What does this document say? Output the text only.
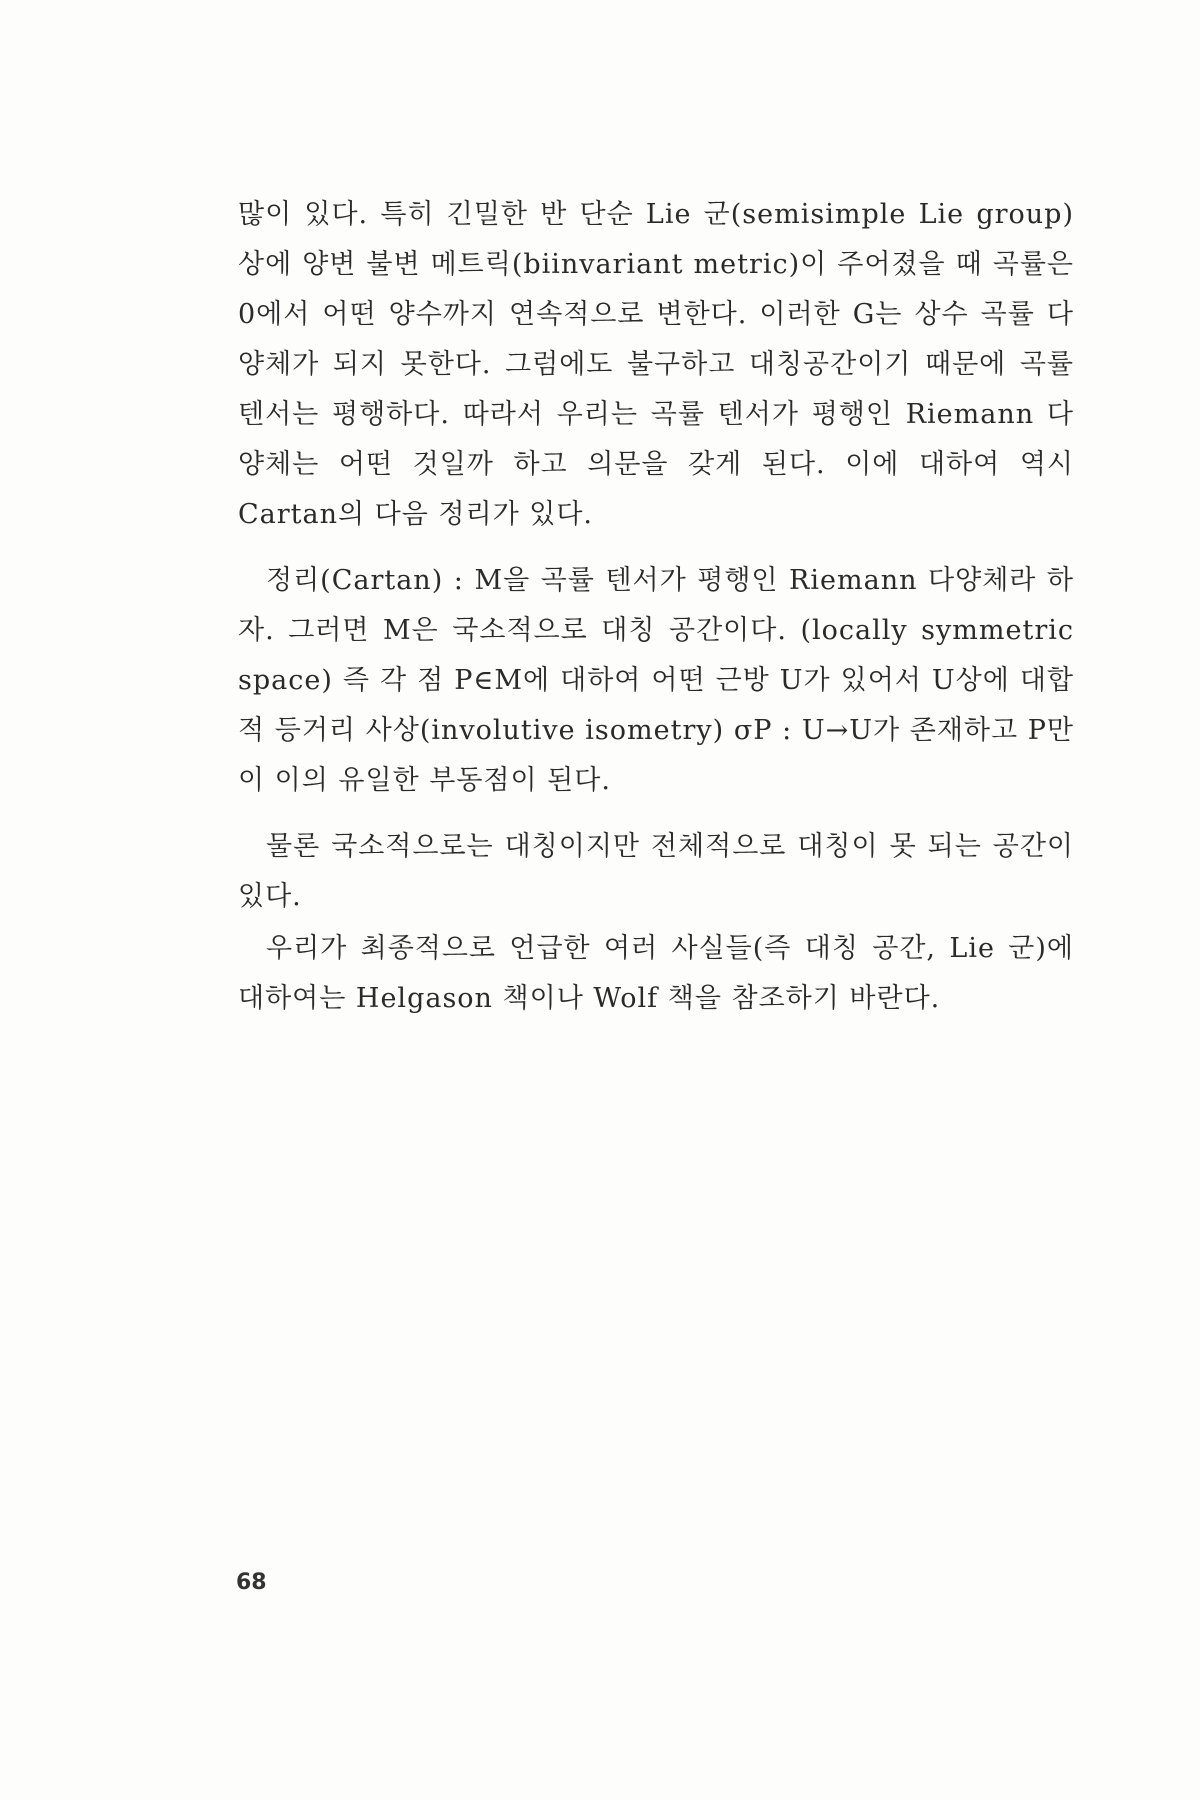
많이 있다. 특히 긴밀한 반 단순 Lie 군(semisimple Lie group)상에 양변 불변 메트릭(biinvariant metric)이 주어졌을 때 곡률은 0에서 어떤 양수까지 연속적으로 변한다. 이러한 G는 상수 곡률 다양체가 되지 못한다. 그럼에도 불구하고 대칭공간이기 때문에 곡률 텐서는 평행하다. 따라서 우리는 곡률 텐서가 평행인 Riemann 다양체는 어떤 것일까 하고 의문을 갖게 된다. 이에 대하여 역시 Cartan의 다음 정리가 있다.

정리(Cartan) : M을 곡률 텐서가 평행인 Riemann 다양체라 하자. 그러면 M은 국소적으로 대칭 공간이다. (locally symmetric space) 즉 각 점 P∈M에 대하여 어떤 근방 U가 있어서 U상에 대합적 등거리 사상(involutive isometry) σP : U→U가 존재하고 P만이 이의 유일한 부동점이 된다.

물론 국소적으로는 대칭이지만 전체적으로 대칭이 못 되는 공간이 있다.

우리가 최종적으로 언급한 여러 사실들(즉 대칭 공간, Lie 군)에 대하여는 Helgason 책이나 Wolf 책을 참조하기 바란다.

68
